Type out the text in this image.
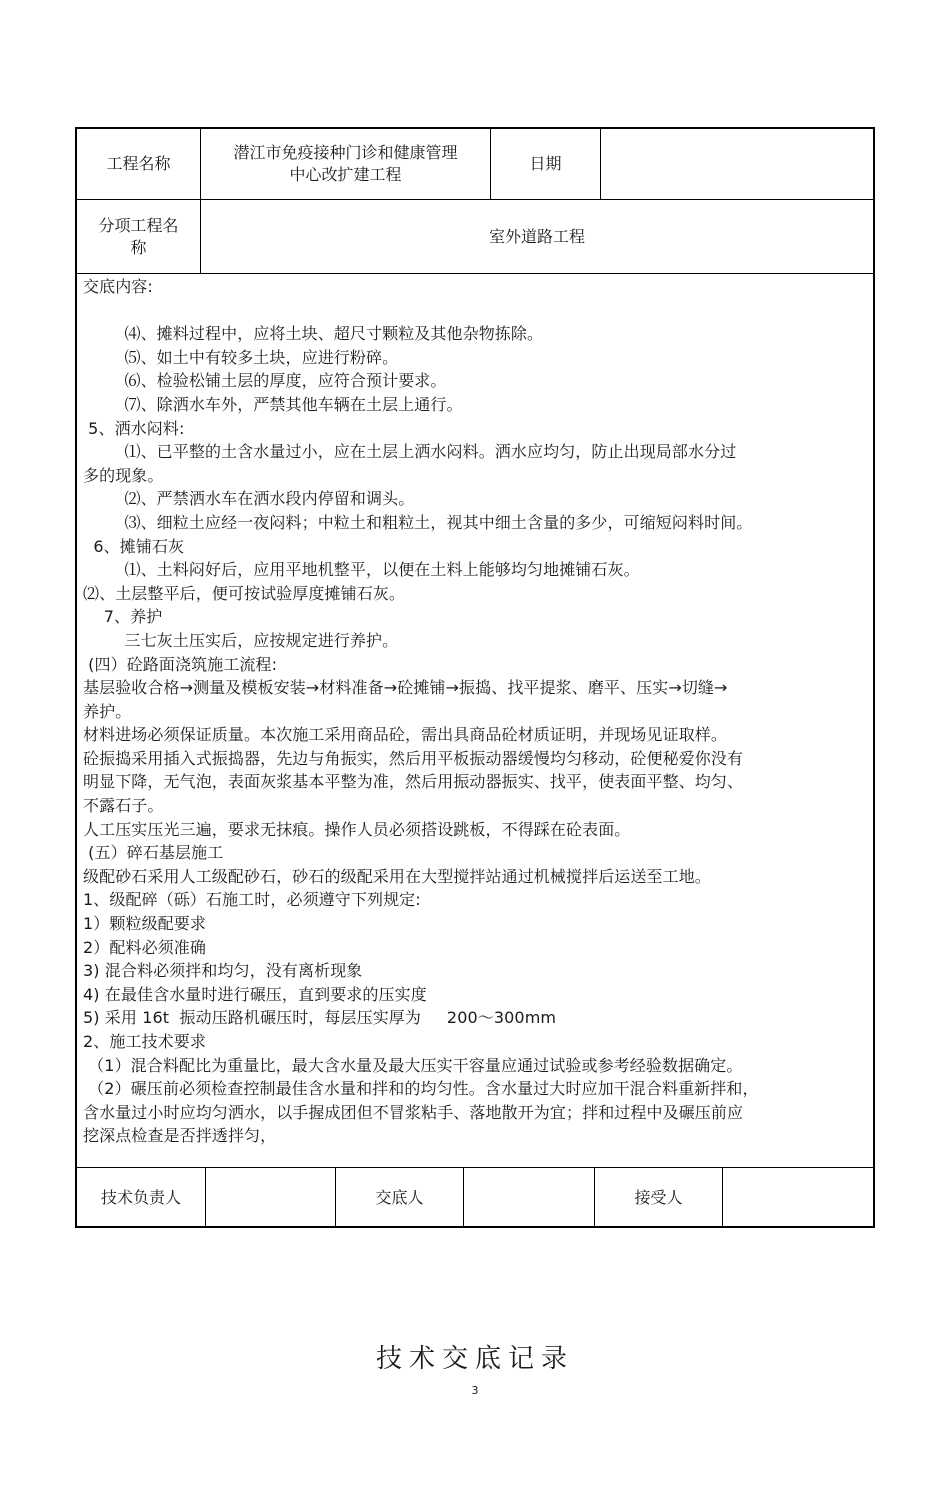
工程名称
潜江市免疫接种门诊和健康管理
中心改扩建工程
日期
分项工程名
称
室外道路工程
交底内容:

⑷、摊料过程中，应将土块、超尺寸颗粒及其他杂物拣除。
⑸、如土中有较多土块，应进行粉碎。
⑹、检验松铺土层的厚度，应符合预计要求。
⑺、除洒水车外，严禁其他车辆在土层上通行。
5、洒水闷料:
⑴、已平整的土含水量过小，应在土层上洒水闷料。洒水应均匀，防止出现局部水分过
多的现象。
⑵、严禁洒水车在洒水段内停留和调头。
⑶、细粒土应经一夜闷料；中粒土和粗粒土，视其中细土含量的多少，可缩短闷料时间。
6、摊铺石灰
⑴、土料闷好后，应用平地机整平，以便在土料上能够均匀地摊铺石灰。
⑵、土层整平后，便可按试验厚度摊铺石灰。
7、养护
三七灰土压实后，应按规定进行养护。
(四）砼路面浇筑施工流程:
基层验收合格→测量及模板安装→材料准备→砼摊铺→振捣、找平提浆、磨平、压实→切缝→
养护。
材料进场必须保证质量。本次施工采用商品砼，需出具商品砼材质证明，并现场见证取样。
砼振捣采用插入式振捣器，先边与角振实，然后用平板振动器缓慢均匀移动，砼便秘爱你没有
明显下降，无气泡，表面灰浆基本平整为准，然后用振动器振实、找平，使表面平整、均匀、
不露石子。
人工压实压光三遍，要求无抹痕。操作人员必须搭设跳板，不得踩在砼表面。
(五）碎石基层施工
级配砂石采用人工级配砂石，砂石的级配采用在大型搅拌站通过机械搅拌后运送至工地。
1、级配碎（砾）石施工时，必须遵守下列规定:
1）颗粒级配要求
2）配料必须准确
3) 混合料必须拌和均匀，没有离析现象
4) 在最佳含水量时进行碾压，直到要求的压实度
5) 采用 16t  振动压路机碾压时，每层压实厚为     200～300mm
2、施工技术要求
（1）混合料配比为重量比，最大含水量及最大压实干容量应通过试验或参考经验数据确定。
（2）碾压前必须检查控制最佳含水量和拌和的均匀性。含水量过大时应加干混合料重新拌和，
含水量过小时应均匀洒水，以手握成团但不冒浆粘手、落地散开为宜；拌和过程中及碾压前应
挖深点检查是否拌透拌匀，
技术负责人	交底人	接受人
技术交底记录
3
